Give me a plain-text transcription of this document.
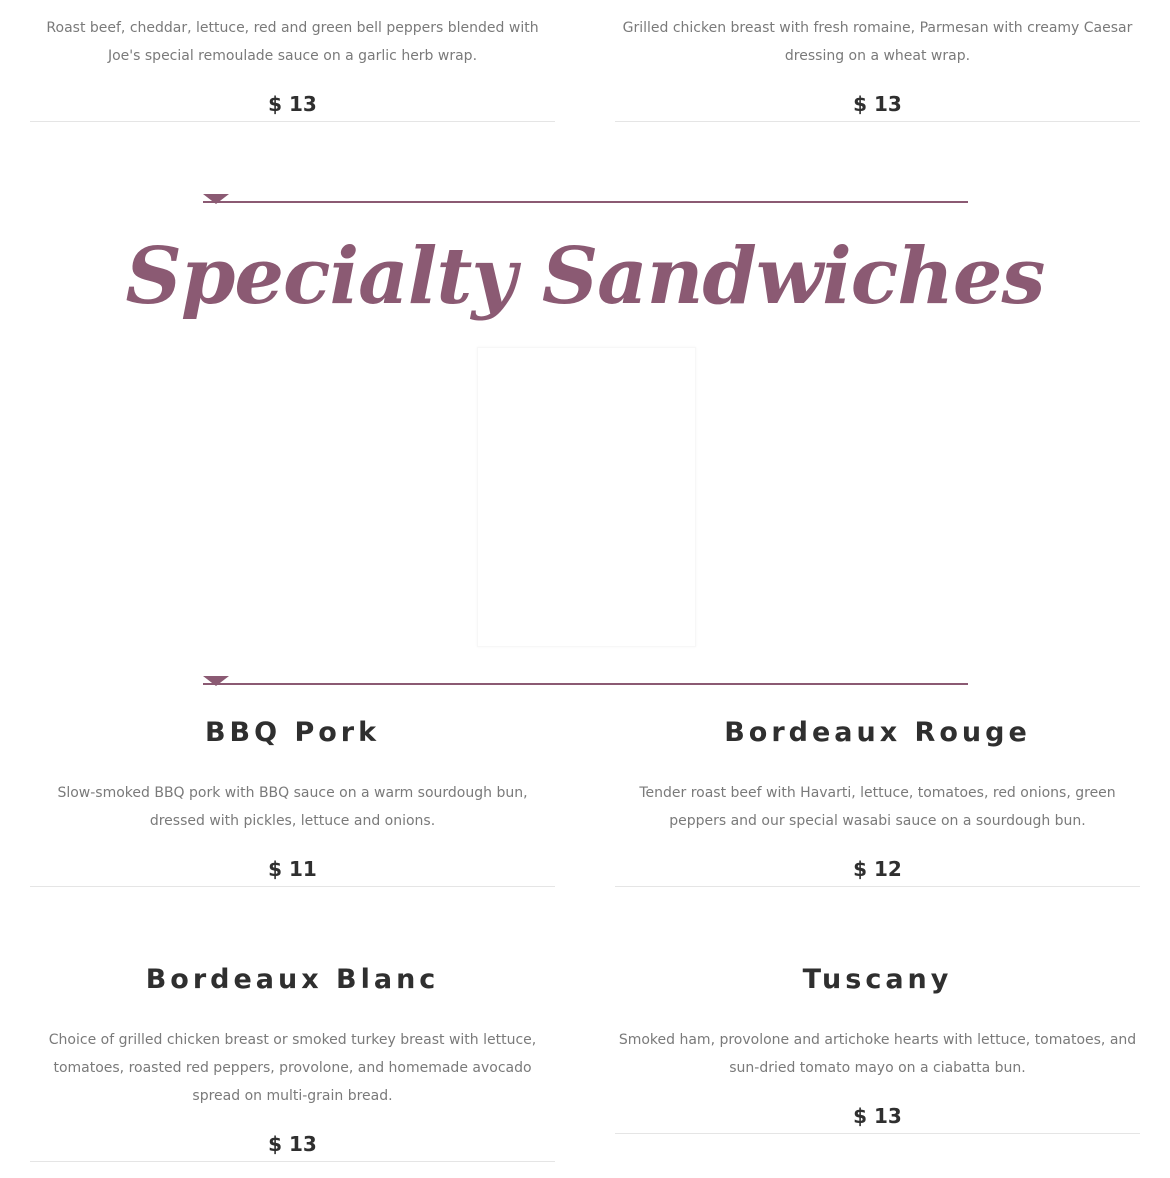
Roast beef, cheddar, lettuce, red and green bell peppers blended with Joe's special remoulade sauce on a garlic herb wrap.

$ 13

Grilled chicken breast with fresh romaine, Parmesan with creamy Caesar dressing on a wheat wrap.

$ 13

Specialty Sandwiches
BBQ Pork

Slow-smoked BBQ pork with BBQ sauce on a warm sourdough bun, dressed with pickles, lettuce and onions.

$ 11

Bordeaux Rouge

Tender roast beef with Havarti, lettuce, tomatoes, red onions, green peppers and our special wasabi sauce on a sourdough bun.

$ 12

Bordeaux Blanc

Choice of grilled chicken breast or smoked turkey breast with lettuce, tomatoes, roasted red peppers, provolone, and homemade avocado spread on multi-grain bread.

$ 13

Tuscany

Smoked ham, provolone and artichoke hearts with lettuce, tomatoes, and sun-dried tomato mayo on a ciabatta bun.

$ 13
